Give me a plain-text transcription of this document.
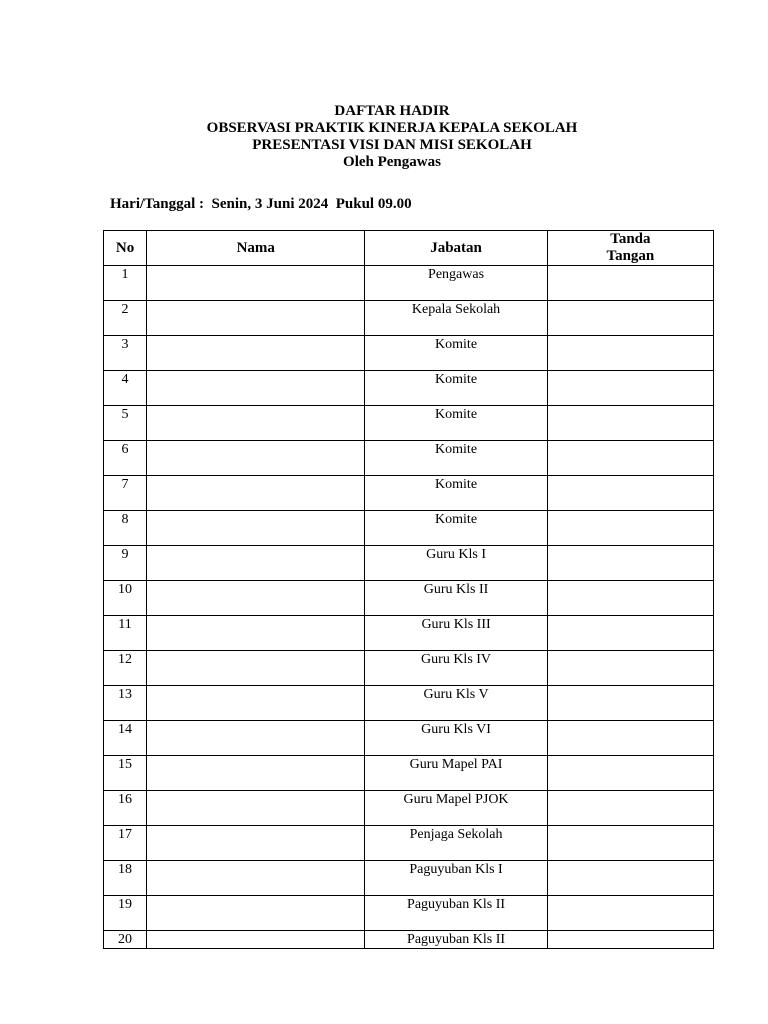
DAFTAR HADIR
OBSERVASI PRAKTIK KINERJA KEPALA SEKOLAH
PRESENTASI VISI DAN MISI SEKOLAH
Oleh Pengawas
Hari/Tanggal :  Senin, 3 Juni 2024  Pukul 09.00
No	Nama	Jabatan	Tanda
Tangan

1		Pengawas	
2		Kepala Sekolah	
3		Komite	
4		Komite	
5		Komite	
6		Komite	
7		Komite	
8		Komite	
9		Guru Kls I	
10		Guru Kls II	
11		Guru Kls III	
12		Guru Kls IV	
13		Guru Kls V	
14		Guru Kls VI	
15		Guru Mapel PAI	
16		Guru Mapel PJOK	
17		Penjaga Sekolah	
18		Paguyuban Kls I	
19		Paguyuban Kls II	
20		Paguyuban Kls II	
